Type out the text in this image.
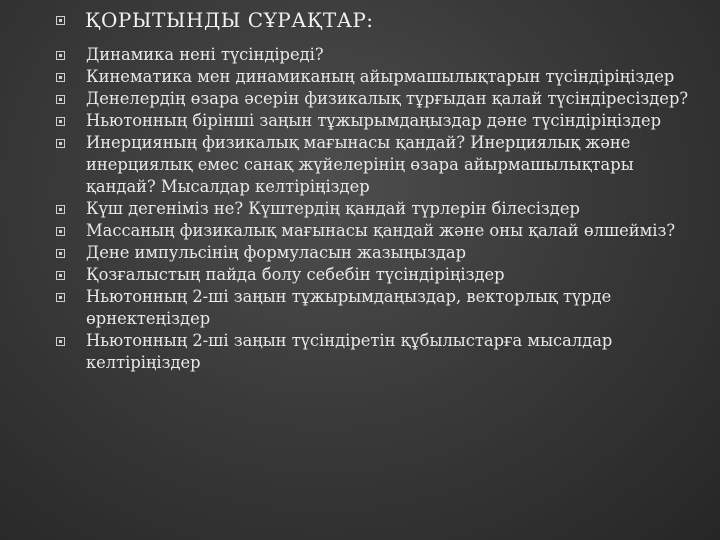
ҚОРЫТЫНДЫ СҰРАҚТАР:
Динамика нені түсіндіреді?
Кинематика мен динамиканың айырмашылықтарын түсіндіріңіздер
Денелердің өзара әсерін физикалық тұрғыдан қалай түсіндіресіздер?
Ньютонның бірінші заңын тұжырымдаңыздар дәне түсіндіріңіздер
Инерцияның физикалық мағынасы қандай? Инерциялық және инерциялық емес санақ жүйелерінің өзара айырмашылықтары қандай? Мысалдар келтіріңіздер
Күш дегеніміз не? Күштердің қандай түрлерін білесіздер
Массаның физикалық мағынасы қандай және оны қалай өлшейміз?
Дене импульсінің формуласын жазыңыздар
Қозғалыстың пайда болу себебін түсіндіріңіздер
Ньютонның 2-ші заңын тұжырымдаңыздар, векторлық түрде өрнектеңіздер
Ньютонның 2-ші заңын түсіндіретін құбылыстарға мысалдар келтіріңіздер
